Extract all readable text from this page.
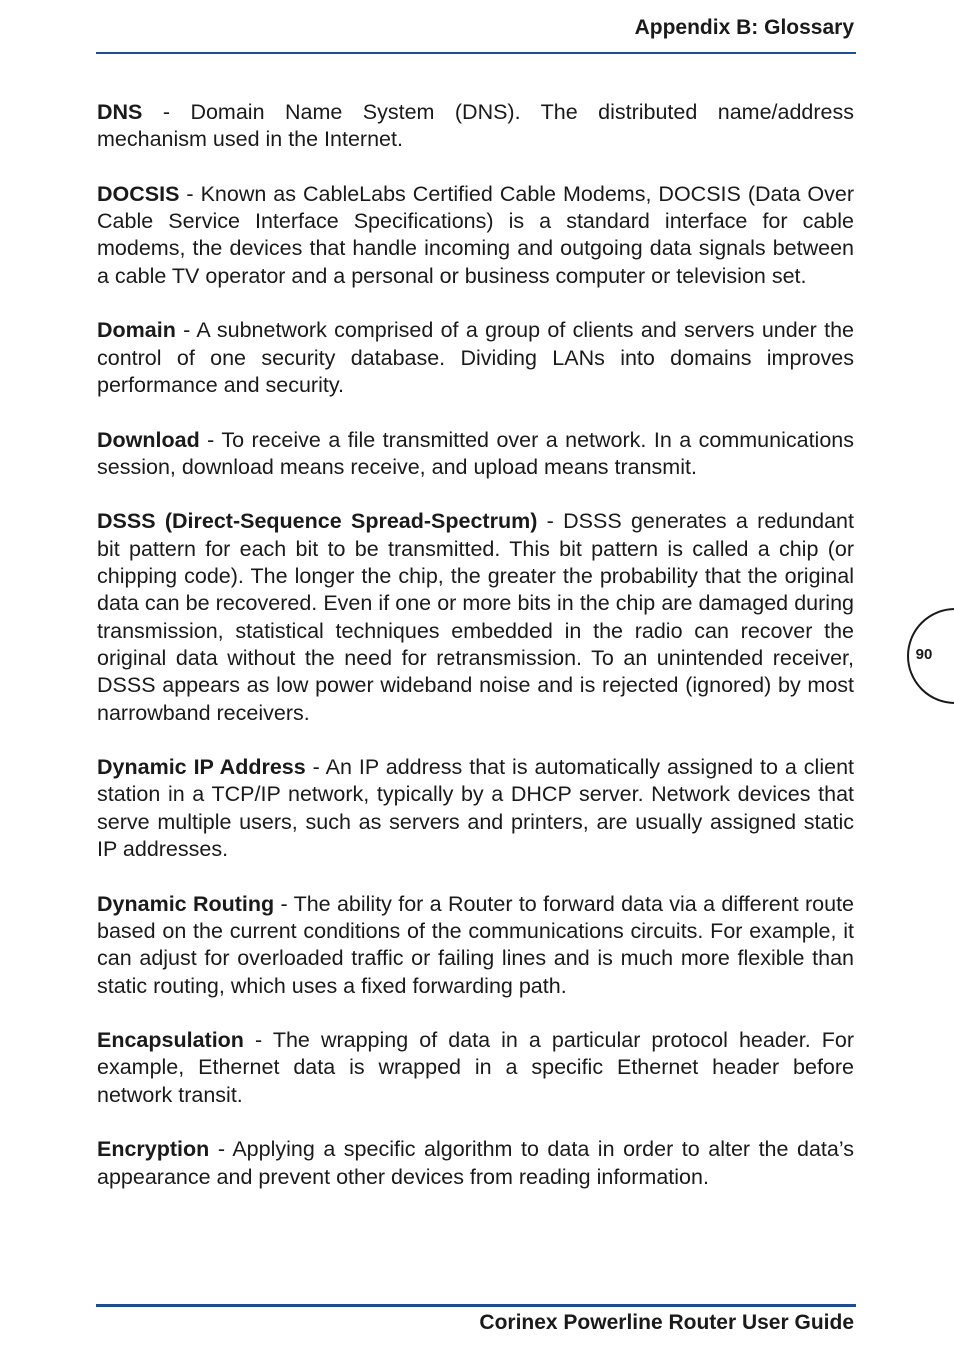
Appendix B: Glossary

DNS - Domain Name System (DNS). The distributed name/address mechanism used in the Internet.

DOCSIS - Known as CableLabs Certified Cable Modems, DOCSIS (Data Over Cable Service Interface Specifications) is a standard interface for cable modems, the devices that handle incoming and outgoing data signals between a cable TV operator and a personal or business computer or television set.

Domain - A subnetwork comprised of a group of clients and servers under the control of one security database. Dividing LANs into domains improves performance and security.

Download - To receive a file transmitted over a network. In a communications session, download means receive, and upload means transmit.

DSSS (Direct-Sequence Spread-Spectrum) - DSSS generates a redundant bit pattern for each bit to be transmitted. This bit pattern is called a chip (or chipping code). The longer the chip, the greater the probability that the original data can be recovered. Even if one or more bits in the chip are damaged during transmission, statistical techniques embedded in the radio can recover the original data without the need for retransmission. To an unintended receiver, DSSS appears as low power wideband noise and is rejected (ignored) by most narrowband receivers.

Dynamic IP Address - An IP address that is automatically assigned to a client station in a TCP/IP network, typically by a DHCP server. Network devices that serve multiple users, such as servers and printers, are usually assigned static IP addresses.

Dynamic Routing - The ability for a Router to forward data via a different route based on the current conditions of the communications circuits. For example, it can adjust for overloaded traffic or failing lines and is much more flexible than static routing, which uses a fixed forwarding path.

Encapsulation - The wrapping of data in a particular protocol header. For example, Ethernet data is wrapped in a specific Ethernet header before network transit.

Encryption - Applying a specific algorithm to data in order to alter the data’s appearance and prevent other devices from reading information.

90
Corinex Powerline Router User Guide
